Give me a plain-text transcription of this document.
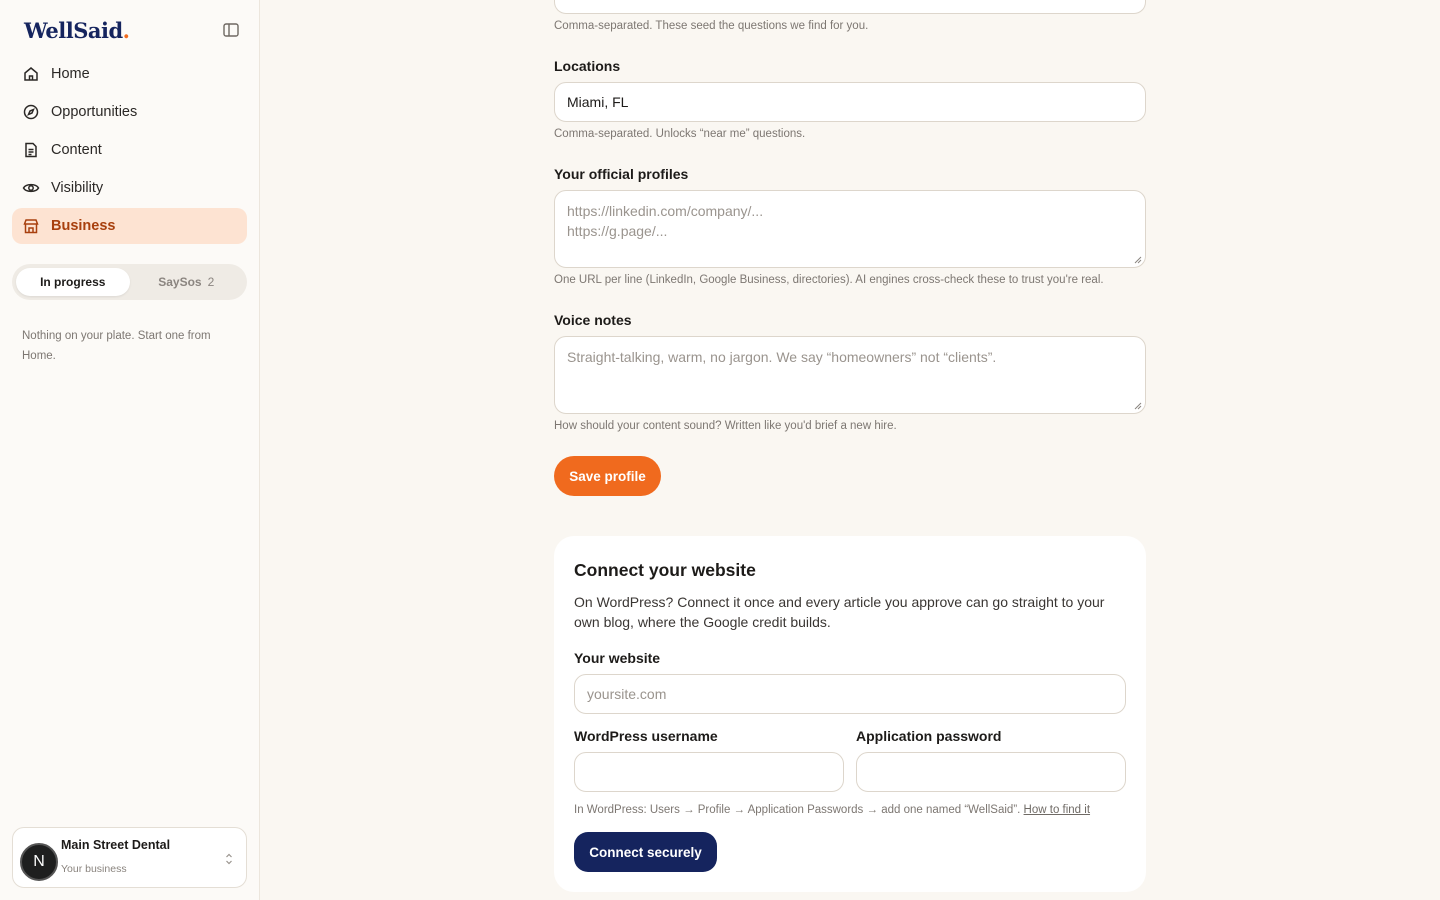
WellSaid.
Home
Opportunities
Content
Visibility
Business
In progress	SaySos 2
Nothing on your plate. Start one from Home.
N
Main Street Dental
Your business
Comma-separated. These seed the questions we find for you.
Locations
Miami, FL
Comma-separated. Unlocks “near me” questions.
Your official profiles
https://linkedin.com/company/...
https://g.page/...
One URL per line (LinkedIn, Google Business, directories). AI engines cross-check these to trust you're real.
Voice notes
Straight-talking, warm, no jargon. We say “homeowners” not “clients”.
How should your content sound? Written like you'd brief a new hire.
Save profile
Connect your website
On WordPress? Connect it once and every article you approve can go straight to your own blog, where the Google credit builds.
Your website
yoursite.com
WordPress username	Application password
In WordPress: Users → Profile → Application Passwords → add one named “WellSaid”. How to find it
Connect securely
